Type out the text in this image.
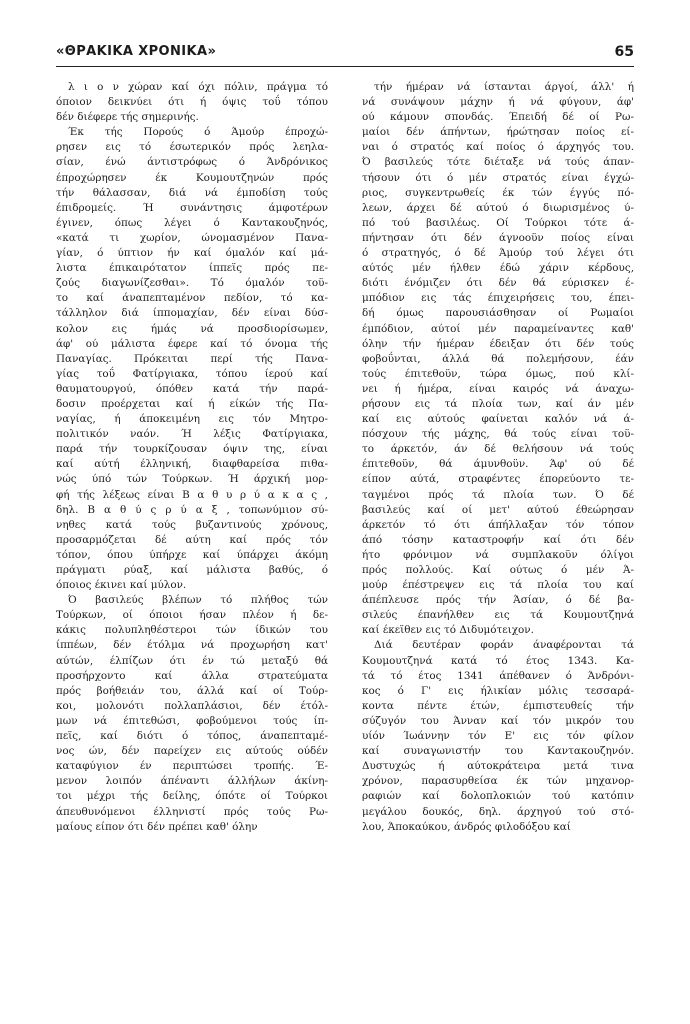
«ΘΡΑΚΙΚΑ ΧΡΟΝΙΚΑ»	65
λ ι ο ν χώραν καί όχι πόλιν, πράγμα τό
όποιον δεικνύει ότι ή όψις τοΰ τόπου
δέν διέφερε τής σημερινής.
Έκ τής Πορούς ό Άμούρ έπροχώ-
ρησεν εις τό έσωτερικόν πρός λεηλα-
σίαν, ένώ άντιστρόφως ό Άνδρόνικος
έπροχώρησεν έκ Κουμουτζηνών πρός
τήν θάλασσαν, διά νά έμποδίση τούς
έπιδρομείς. Ή συνάντησις άμφοτέρων
έγινεν, όπως λέγει ό Καντακουζηνός,
«κατά τι χωρίον, ώνομασμένον Πανα-
γίαν, ό ύπτιον ήν καί όμαλόν καί μά-
λιστα έπικαιρότατον ίππεϊς πρός πε-
ζούς διαγωνίζεσθαι». Τό όμαλόν τοϋ-
το καί άναπεπταμένον πεδίον, τό κα-
τάλληλον διά ίππομαχίαν, δέν είναι δύσ-
κολον εις ήμάς νά προσδιορίσωμεν,
άφ' ού μάλιστα έφερε καί τό όνομα τής
Παναγίας. Πρόκειται περί τής Πανα-
γίας τοΰ Φατίργιακα, τόπου ίερού καί
θαυματουργού, όπόθεν κατά τήν παρά-
δοσιν προέρχεται καί ή είκών τής Πα-
ναγίας, ή άποκειμένη εις τόν Μητρο-
πολιτικόν ναόν. Ή λέξις Φατίργιακα,
παρά τήν τουρκίζουσαν όψιν της, είναι
καί αύτή έλληνική, διαφθαρείσα πιθα-
νώς ύπό τών Τούρκων. Ή άρχική μορ-
φή τής λέξεως είναι Β α θ υ ρ ύ α κ α ς ,
δηλ. Β α θ ύ ς ρ ύ α ξ , τοπωνύμιον σύ-
νηθες κατά τούς βυζαντινούς χρόνους,
προσαρμόζεται δέ αύτη καί πρός τόν
τόπον, όπου ύπήρχε καί ύπάρχει άκόμη
πράγματι ρύαξ, καί μάλιστα βαθύς, ό
όποιος έκινει καί μύλον.
Ό βασιλεύς βλέπων τό πλήθος τών
Τούρκων, οί όποιοι ήσαν πλέον ή δε-
κάκις πολυπληθέστεροι τών ίδικών του
ίππέων, δέν έτόλμα νά προχωρήση κατ'
αύτών, έλπίζων ότι έν τώ μεταξύ θά
προσήρχοντο καί άλλα στρατεύματα
πρός βοήθειάν του, άλλά καί οί Τούρ-
κοι, μολονότι πολλαπλάσιοι, δέν έτόλ-
μων νά έπιτεθώσι, φοβούμενοι τούς ίπ-
πεϊς, καί διότι ό τόπος, άναπεπταμέ-
νος ών, δέν παρείχεν εις αύτούς ούδέν
καταφύγιον έν περιπτώσει τροπής. Έ-
μενον λοιπόν άπέναντι άλλήλων άκίνη-
τοι μέχρι τής δείλης, όπότε οί Τούρκοι
άπευθυνόμενοι έλληνιστί πρός τούς Ρω-
μαίους είπον ότι δέν πρέπει καθ' όλην
τήν ήμέραν νά ίστανται άργοί, άλλ' ή
νά συνάψουν μάχην ή νά φύγουν, άφ'
ού κάμουν σπονδάς. Έπειδή δέ οί Ρω-
μαίοι δέν άπήντων, ήρώτησαν ποίος εί-
ναι ό στρατός καί ποίος ό άρχηγός του.
Ό βασιλεύς τότε διέταξε νά τούς άπαν-
τήσουν ότι ό μέν στρατός είναι έγχώ-
ριος, συγκεντρωθείς έκ τών έγγύς πό-
λεων, άρχει δέ αύτού ό διωρισμένος ύ-
πό τού βασιλέως. Οί Τούρκοι τότε ά-
πήντησαν ότι δέν άγνοοϋν ποίος είναι
ό στρατηγός, ό δέ Άμούρ τού λέγει ότι
αύτός μέν ήλθεν έδώ χάριν κέρδους,
διότι ένόμιζεν ότι δέν θά εύρισκεν έ-
μπόδιον εις τάς έπιχειρήσεις του, έπει-
δή όμως παρουσιάσθησαν οί Ρωμαίοι
έμπόδιον, αύτοί μέν παραμείναντες καθ'
όλην τήν ήμέραν έδειξαν ότι δέν τούς
φοβοΰνται, άλλά θά πολεμήσουν, έάν
τούς έπιτεθοϋν, τώρα όμως, πού κλί-
νει ή ήμέρα, είναι καιρός νά άναχω-
ρήσουν εις τά πλοία των, καί άν μέν
καί εις αύτούς φαίνεται καλόν νά ά-
πόσχουν τής μάχης, θά τούς είναι τοϋ-
το άρκετόν, άν δέ θελήσουν νά τούς
έπιτεθοϋν, θά άμυνθοϋν. Άφ' ού δέ
είπον αύτά, στραφέντες έπορεύοντο τε-
ταγμένοι πρός τά πλοία των. Ό δέ
βασιλεύς καί οί μετ' αύτού έθεώρησαν
άρκετόν τό ότι άπήλλαξαν τόν τόπον
άπό τόσην καταστροφήν καί ότι δέν
ήτο φρόνιμον νά συμπλακοϋν όλίγοι
πρός πολλούς. Καί ούτως ό μέν Ά-
μούρ έπέστρεψεν εις τά πλοία του καί
άπέπλευσε πρός τήν Άσίαν, ό δέ βα-
σιλεύς έπανήλθεν εις τά Κουμουτζηνά
καί έκεϊθεν εις τό Διδυμότειχον.
Διά δευτέραν φοράν άναφέρονται τά
Κουμουτζηνά κατά τό έτος 1343. Κα-
τά τό έτος 1341 άπέθανεν ό Άνδρόνι-
κος ό Γ' εις ήλικίαν μόλις τεσσαρά-
κοντα πέντε έτών, έμπιστευθείς τήν
σύζυγόν του Άνναν καί τόν μικρόν του
υίόν Ίωάννην τόν Ε' εις τόν φίλον
καί συναγωνιστήν του Καντακουζηνόν.
Δυστυχώς ή αύτοκράτειρα μετά τινα
χρόνον, παρασυρθείσα έκ τών μηχανορ-
ραφιών καί δολοπλοκιών τού κατόπιν
μεγάλου δουκός, δηλ. άρχηγού τού στό-
λου, Άποκαύκου, άνδρός φιλοδόξου καί
